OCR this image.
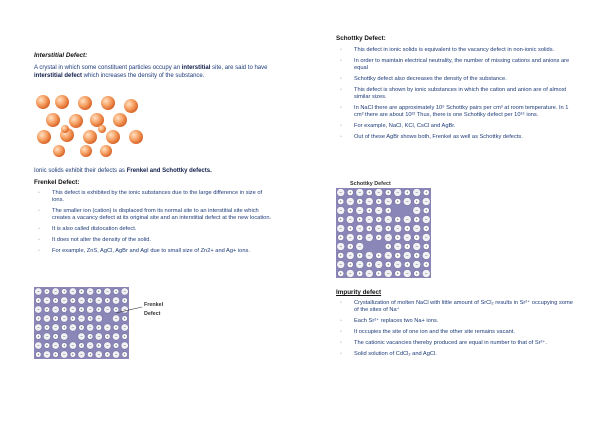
Interstitial Defect:
A crystal in which some constituent particles occupy an interstitial site, are said to have interstitial defect which increases the density of the substance.
Ionic solids exhibit their defects as Frenkel and Schottky defects.
Frenkel Defect:
▫ This defect is exhibited by the ionic substances due to the large difference in size of ions.
▫ The smaller ion (cation) is displaced from its normal site to an interstitial site which creates a vacancy defect at its original site and an interstitial defect at the new location.
▫ It is also called dislocation defect.
▫ It does not alter the density of the solid.
▫ For example, ZnS, AgCl, AgBr and AgI due to small size of Zn2+ and Ag+ ions.
− + − + − + − + − + −
+ − + − + − + − + − +
− + − + − + − + − + −
+ − + − + − + −	− +
− + − + − + − + − + −
+ − + −	− + − + − +
− + − + − + − + − + −
+ − + − + − + − + − +
Frenkel
Defect
Schottky Defect:
▫ This defect in ionic solids is equivalent to the vacancy defect in non-ionic solids.
▫ In order to maintain electrical neutrality, the number of missing cations and anions are equal
▫ Schottky defect also decreases the density of the substance.
▫ This defect is shown by ionic substances in which the cation and anion are of almost similar sizes.
▫ In NaCl there are approximately 10⁶ Schottky pairs per cm³ at room temperature. In 1 cm³ there are about 10²² Thus, there is one Schottky defect per 10¹⁶ ions.
▫ For example, NaCl, KCl, CsCl and AgBr.
▫ Out of these AgBr shows both, Frenkel as well as Schottky defects.
Schottky Defect
− + − + − + − + − +
+ − + − + − + − + −
− + − + − +	− +
+ − + − + − + − + −
− + − + − + − + − +
+ − + − + − + − + −
− + −	+ − + − +
+ − + − + − + − + −
− + − + − + − + − +
+ − + − + − + − + −
Impurity defect
▫ Crystallization of molten NaCl with little amount of SrCl₂ results in Sr²⁺ occupying some of the sites of Na⁺
▫ Each Sr²⁺ replaces two Na+ ions.
▫ It occupies the site of one ion and the other site remains vacant.
▫ The cationic vacancies thereby produced are equal in number to that of Sr²⁺.
▫ Solid solution of CdCl₂ and AgCl.
